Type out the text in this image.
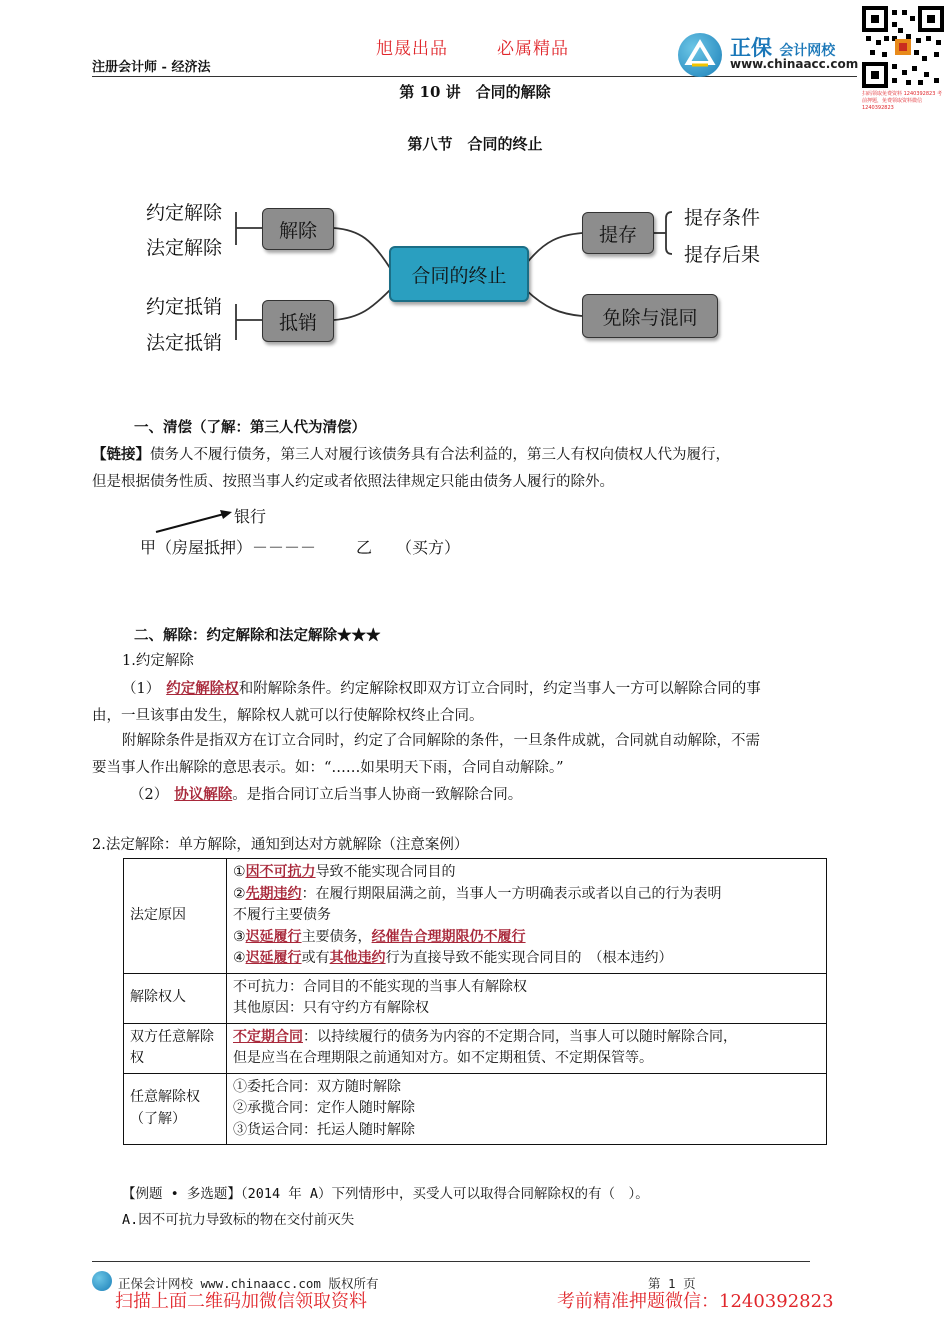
旭晟出品	必属精品
注册会计师 - 经济法
正保 会计网校
www.chinaacc.com
扫码领取免费资料 1240392823 考前押题，免费领取资料微信 1240392823
第 10 讲　合同的解除
第八节　合同的终止
合同的终止
解除
抵销
提存
免除与混同
约定解除
法定解除
约定抵销
法定抵销
提存条件
提存后果
一、清偿（了解：第三人代为清偿）
【链接】债务人不履行债务，第三人对履行该债务具有合法利益的，第三人有权向债权人代为履行，
但是根据债务性质、按照当事人约定或者依照法律规定只能由债务人履行的除外。
银行
甲（房屋抵押）－－－－ 乙 （买方）
二、解除：约定解除和法定解除★★★
1.约定解除
（1） 约定解除权和附解除条件。约定解除权即双方订立合同时，约定当事人一方可以解除合同的事
由，一旦该事由发生，解除权人就可以行使解除权终止合同。
附解除条件是指双方在订立合同时，约定了合同解除的条件，一旦条件成就，合同就自动解除，不需
要当事人作出解除的意思表示。如：“……如果明天下雨，合同自动解除。”
（2） 协议解除。是指合同订立后当事人协商一致解除合同。
2.法定解除：单方解除，通知到达对方就解除（注意案例）
法定原因	①因不可抗力导致不能实现合同目的
②先期违约：在履行期限届满之前，当事人一方明确表示或者以自己的行为表明
不履行主要债务
③迟延履行主要债务，经催告合理期限仍不履行
④迟延履行或有其他违约行为直接导致不能实现合同目的　（根本违约）
解除权人	不可抗力：合同目的不能实现的当事人有解除权
其他原因：只有守约方有解除权
双方任意解除权	不定期合同：以持续履行的债务为内容的不定期合同，当事人可以随时解除合同，
但是应当在合理期限之前通知对方。如不定期租赁、不定期保管等。
任意解除权（了解）	①委托合同：双方随时解除
②承揽合同：定作人随时解除
③货运合同：托运人随时解除
【例题 • 多选题】（2014 年 A）下列情形中，买受人可以取得合同解除权的有（　）。
A.因不可抗力导致标的物在交付前灭失
正保会计网校 www.chinaacc.com 版权所有	第 1 页
扫描上面二维码加微信领取资料	考前精准押题微信：1240392823
